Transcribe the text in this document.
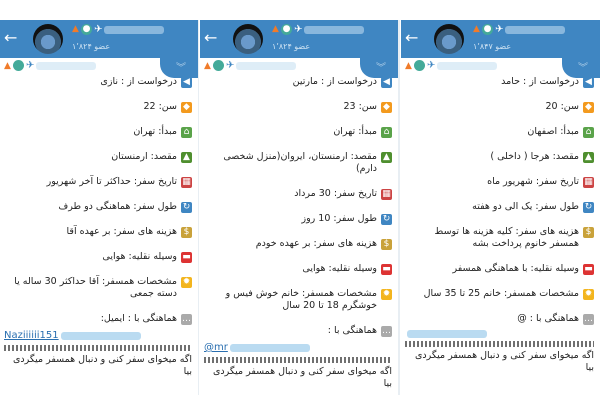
←	▲ ● ✈
۱٬۸۲۴ عضو
︾
▲ ✈
◀
درخواست از : نازی
◆
سن: 22
⌂
مبدأ: تهران
▲
مقصد: ارمنستان
▦
تاریخ سفر: حداکثر تا آخر شهریور
↻
طول سفر: هماهنگی دو طرف
$
هزینه های سفر: بر عهده آقا
▬
وسیله نقلیه: هوایی
✹
مشخصات همسفر: آقا حداکثر 30 ساله یا دسته جمعی
…
هماهنگی با : ایمیل:
Naziiiiii151
اگه میخوای سفر کنی و دنبال همسفر میگردی بیا
←	▲ ● ✈
۱٬۸۲۴ عضو
︾
▲ ✈
◀
درخواست از : مارتین
◆
سن: 23
⌂
مبدأ: تهران
▲
مقصد: ارمنستان، ایروان(منزل شخصی دارم)
▦
تاریخ سفر: 30 مرداد
↻
طول سفر: 10 روز
$
هزینه های سفر: بر عهده خودم
▬
وسیله نقلیه: هوایی
✹
مشخصات همسفر: خانم خوش فیس و خوشگرم 18 تا 20 سال
…
هماهنگی با :
@mr
اگه میخوای سفر کنی و دنبال همسفر میگردی بیا
←	▲ ● ✈
۱٬۸۴۷ عضو
︾
▲ ✈
◀
درخواست از : حامد
◆
سن: 20
⌂
مبدأ: اصفهان
▲
مقصد: هرجا ( داخلی )
▦
تاریخ سفر: شهریور ماه
↻
طول سفر: یک الی دو هفته
$
هزینه های سفر: کلیه هزینه ها توسط همسفر خانوم پرداخت بشه
▬
وسیله نقلیه: با هماهنگی همسفر
✹
مشخصات همسفر: خانم 25 تا 35 سال
…
هماهنگی با : @
اگه میخوای سفر کنی و دنبال همسفر میگردی بیا
